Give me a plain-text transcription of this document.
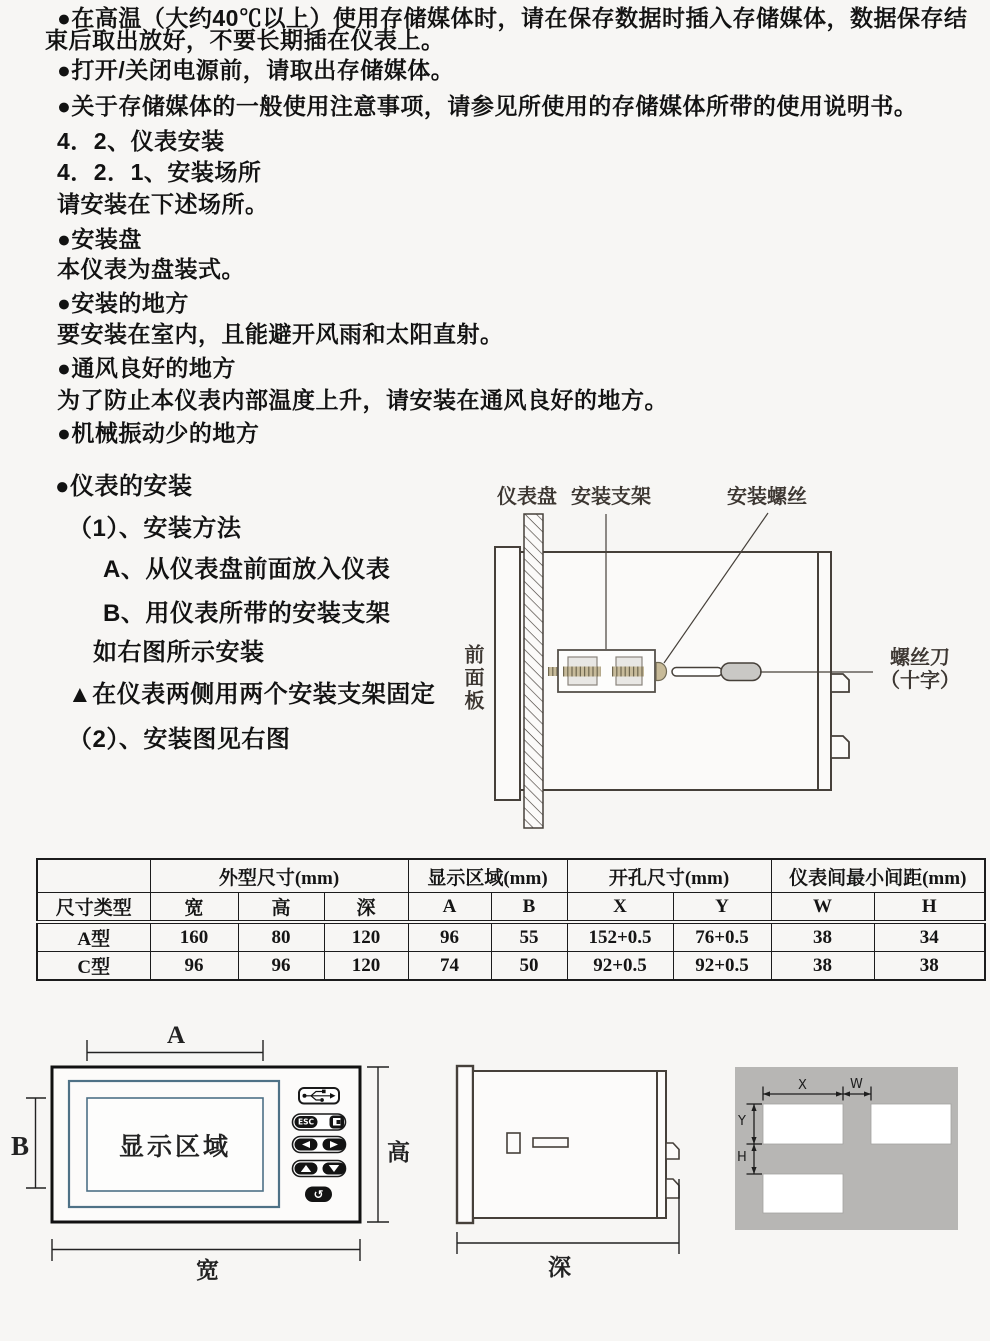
●在高温（大约40℃以上）使用存储媒体时，请在保存数据时插入存储媒体，数据保存结
束后取出放好，不要长期插在仪表上。
●打开/关闭电源前，请取出存储媒体。
●关于存储媒体的一般使用注意事项，请参见所使用的存储媒体所带的使用说明书。
4．2、仪表安装
4．2．1、安装场所
请安装在下述场所。
●安装盘
本仪表为盘装式。
●安装的地方
要安装在室内，且能避开风雨和太阳直射。
●通风良好的地方
为了防止本仪表内部温度上升，请安装在通风良好的地方。
●机械振动少的地方
●仪表的安装
（1）、安装方法
A、从仪表盘前面放入仪表
B、用仪表所带的安装支架
如右图所示安装
▲在仪表两侧用两个安装支架固定
（2）、安装图见右图
仪表盘 安装支架	安装螺丝
前面板	螺丝刀
（十字）
	外型尺寸(mm)			显示区域(mm)		开孔尺寸(mm)		仪表间最小间距(mm)	
尺寸类型	宽	高	深	A	B	X	Y	W	H
A型	160	80	120	96	55	152+0.5	76+0.5	38	34
C型	96	96	120	74	50	92+0.5	92+0.5	38	38
ESC
↺
显示区域
A
B
宽
高
深
X	W
Y
H
